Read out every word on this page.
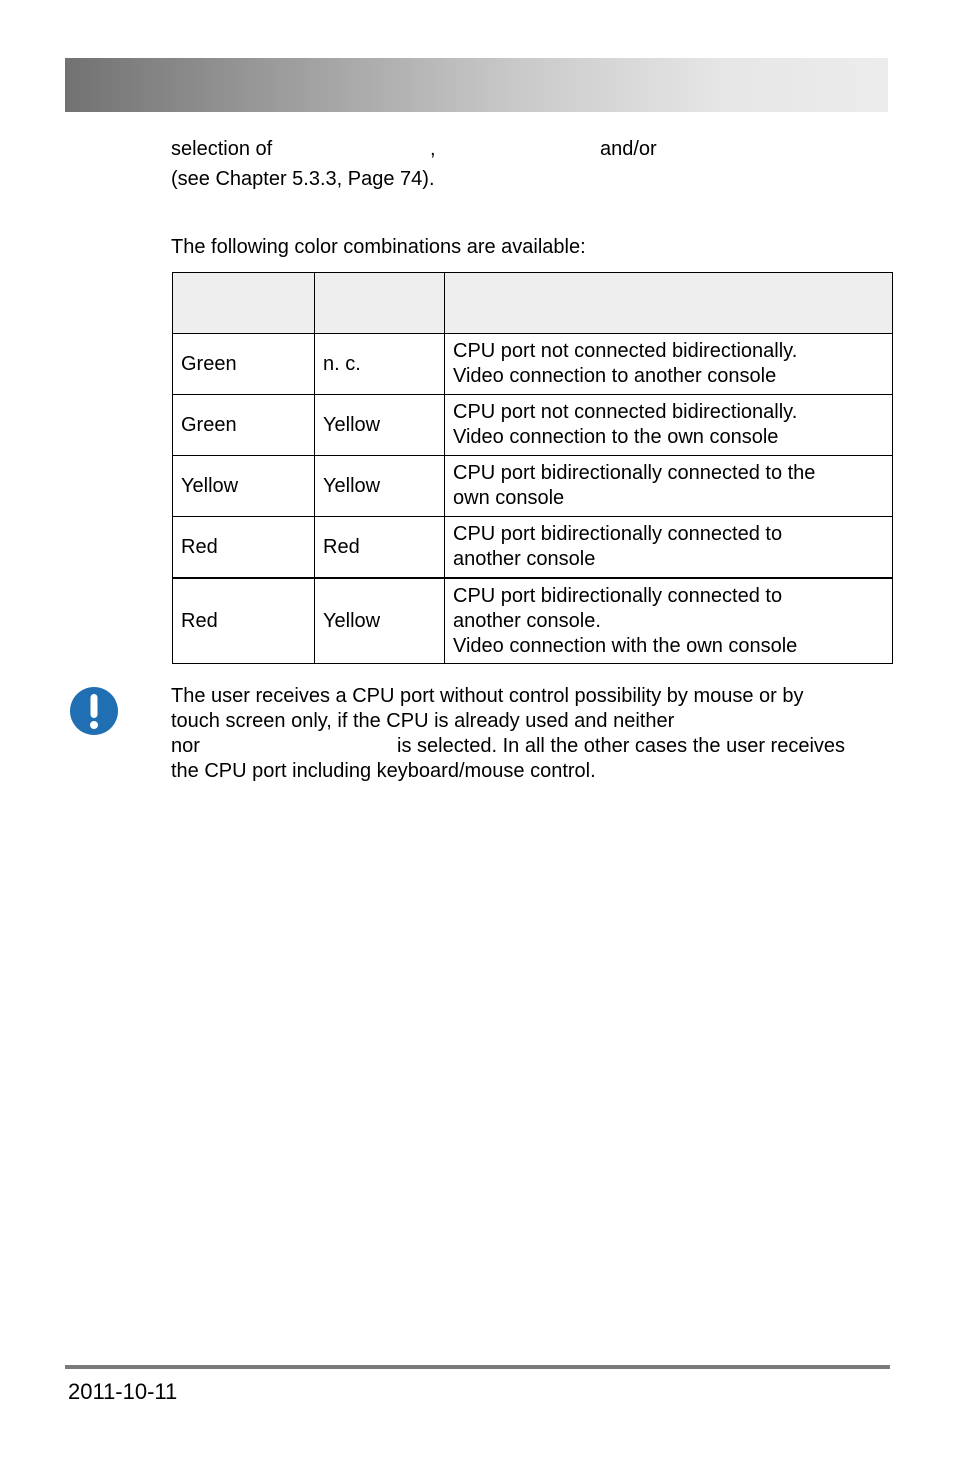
selection of	,	and/or
(see Chapter 5.3.3, Page 74).
The following color combinations are available:

Green	n. c.	CPU port not connected bidirectionally.
Video connection to another console

Green	Yellow	CPU port not connected bidirectionally.
Video connection to the own console

Yellow	Yellow	CPU port bidirectionally connected to the
own console

Red	Red	CPU port bidirectionally connected to
another console

Red	Yellow	CPU port bidirectionally connected to
another console.
Video connection with the own console
The user receives a CPU port without control possibility by mouse or by
touch screen only, if the CPU is already used and neither
nor	is selected. In all the other cases the user receives
the CPU port including keyboard/mouse control.
2011-10-11
